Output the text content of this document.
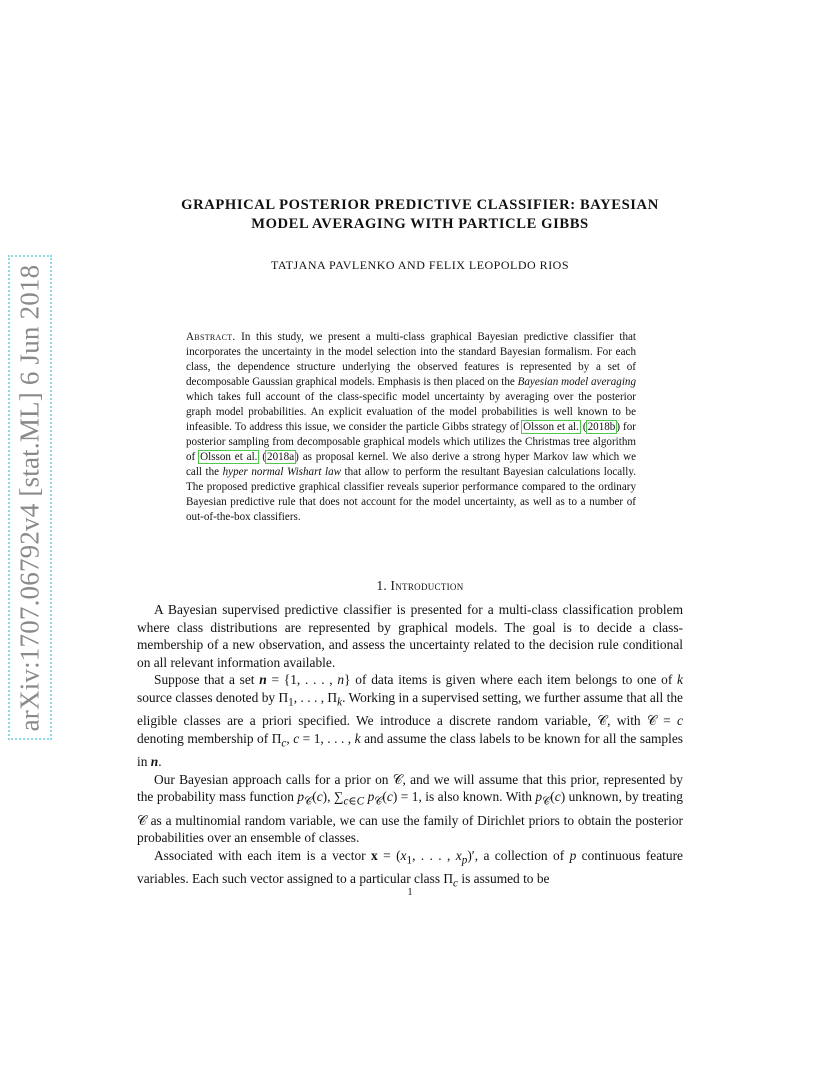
arXiv:1707.06792v4 [stat.ML] 6 Jun 2018
GRAPHICAL POSTERIOR PREDICTIVE CLASSIFIER: BAYESIAN
MODEL AVERAGING WITH PARTICLE GIBBS
TATJANA PAVLENKO AND FELIX LEOPOLDO RIOS
Abstract. In this study, we present a multi-class graphical Bayesian predictive classifier that incorporates the uncertainty in the model selection into the standard Bayesian formalism. For each class, the dependence structure underlying the observed features is represented by a set of decomposable Gaussian graphical models. Emphasis is then placed on the Bayesian model averaging which takes full account of the class-specific model uncertainty by averaging over the posterior graph model probabilities. An explicit evaluation of the model probabilities is well known to be infeasible. To address this issue, we consider the particle Gibbs strategy of Olsson et al. (2018b) for posterior sampling from decomposable graphical models which utilizes the Christmas tree algorithm of Olsson et al. (2018a) as proposal kernel. We also derive a strong hyper Markov law which we call the hyper normal Wishart law that allow to perform the resultant Bayesian calculations locally. The proposed predictive graphical classifier reveals superior performance compared to the ordinary Bayesian predictive rule that does not account for the model uncertainty, as well as to a number of out-of-the-box classifiers.
1. Introduction

A Bayesian supervised predictive classifier is presented for a multi-class classification problem where class distributions are represented by graphical models. The goal is to decide a class-membership of a new observation, and assess the uncertainty related to the decision rule conditional on all relevant information available.

Suppose that a set n = {1, . . . , n} of data items is given where each item belongs to one of k source classes denoted by $\Pi_1$, . . . , $\Pi_k$. Working in a supervised setting, we further assume that all the eligible classes are a priori specified. We introduce a discrete random variable, 𝒞, with 𝒞 = c denoting membership of $\Pi_c$, c = 1, . . . , k and assume the class labels to be known for all the samples in n.

Our Bayesian approach calls for a prior on 𝒞, and we will assume that this prior, represented by the probability mass function $p_𝒞(c)$, $\sum_{c\in C}$ $p_𝒞(c) = 1$, is also known. With $p_𝒞(c)$ unknown, by treating 𝒞 as a multinomial random variable, we can use the family of Dirichlet priors to obtain the posterior probabilities over an ensemble of classes.

Associated with each item is a vector $x = (x_1$, . . . , $x_p)'$, a collection of p continuous feature variables. Each such vector assigned to a particular class $\Pi_c$ is assumed to be

1
